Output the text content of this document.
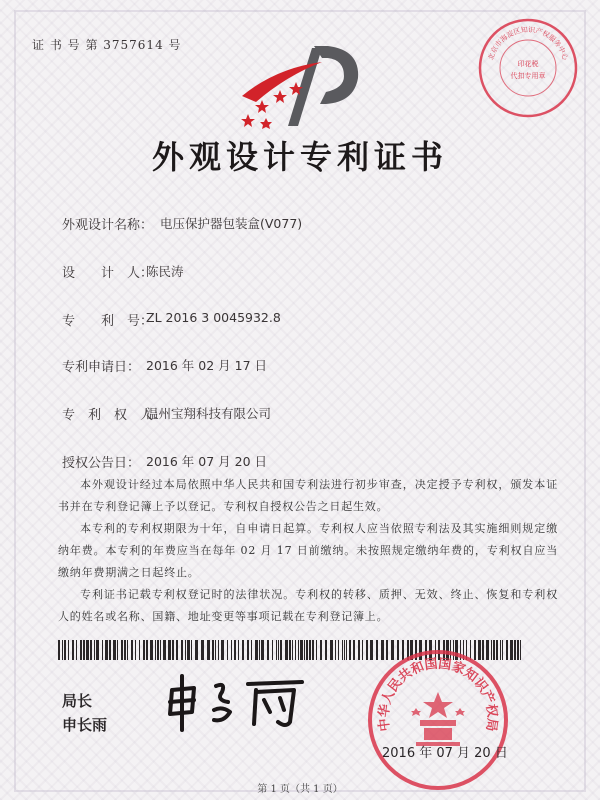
证 书 号 第 3757614 号
外观设计专利证书
北京市海淀区知识产权服务中心
印花税
代扣专用章
外观设计名称： 电压保护器包装盒(V077)
设　　计　人：
陈民涛
专　　利　号：
ZL 2016 3 0045932.8
专利申请日： 2016 年 02 月 17 日
专　利　权　人：
温州宝翔科技有限公司
授权公告日： 2016 年 07 月 20 日
本外观设计经过本局依照中华人民共和国专利法进行初步审查，决定授予专利权，颁发本证书并在专利登记簿上予以登记。专利权自授权公告之日起生效。
本专利的专利权期限为十年，自申请日起算。专利权人应当依照专利法及其实施细则规定缴纳年费。本专利的年费应当在每年 02 月 17 日前缴纳。未按照规定缴纳年费的，专利权自应当缴纳年费期满之日起终止。
专利证书记载专利权登记时的法律状况。专利权的转移、质押、无效、终止、恢复和专利权人的姓名或名称、国籍、地址变更等事项记载在专利登记簿上。
局长
申长雨	中华人民共和国国家知识产权局
2016 年 07 月 20 日
第 1 页（共 1 页）
